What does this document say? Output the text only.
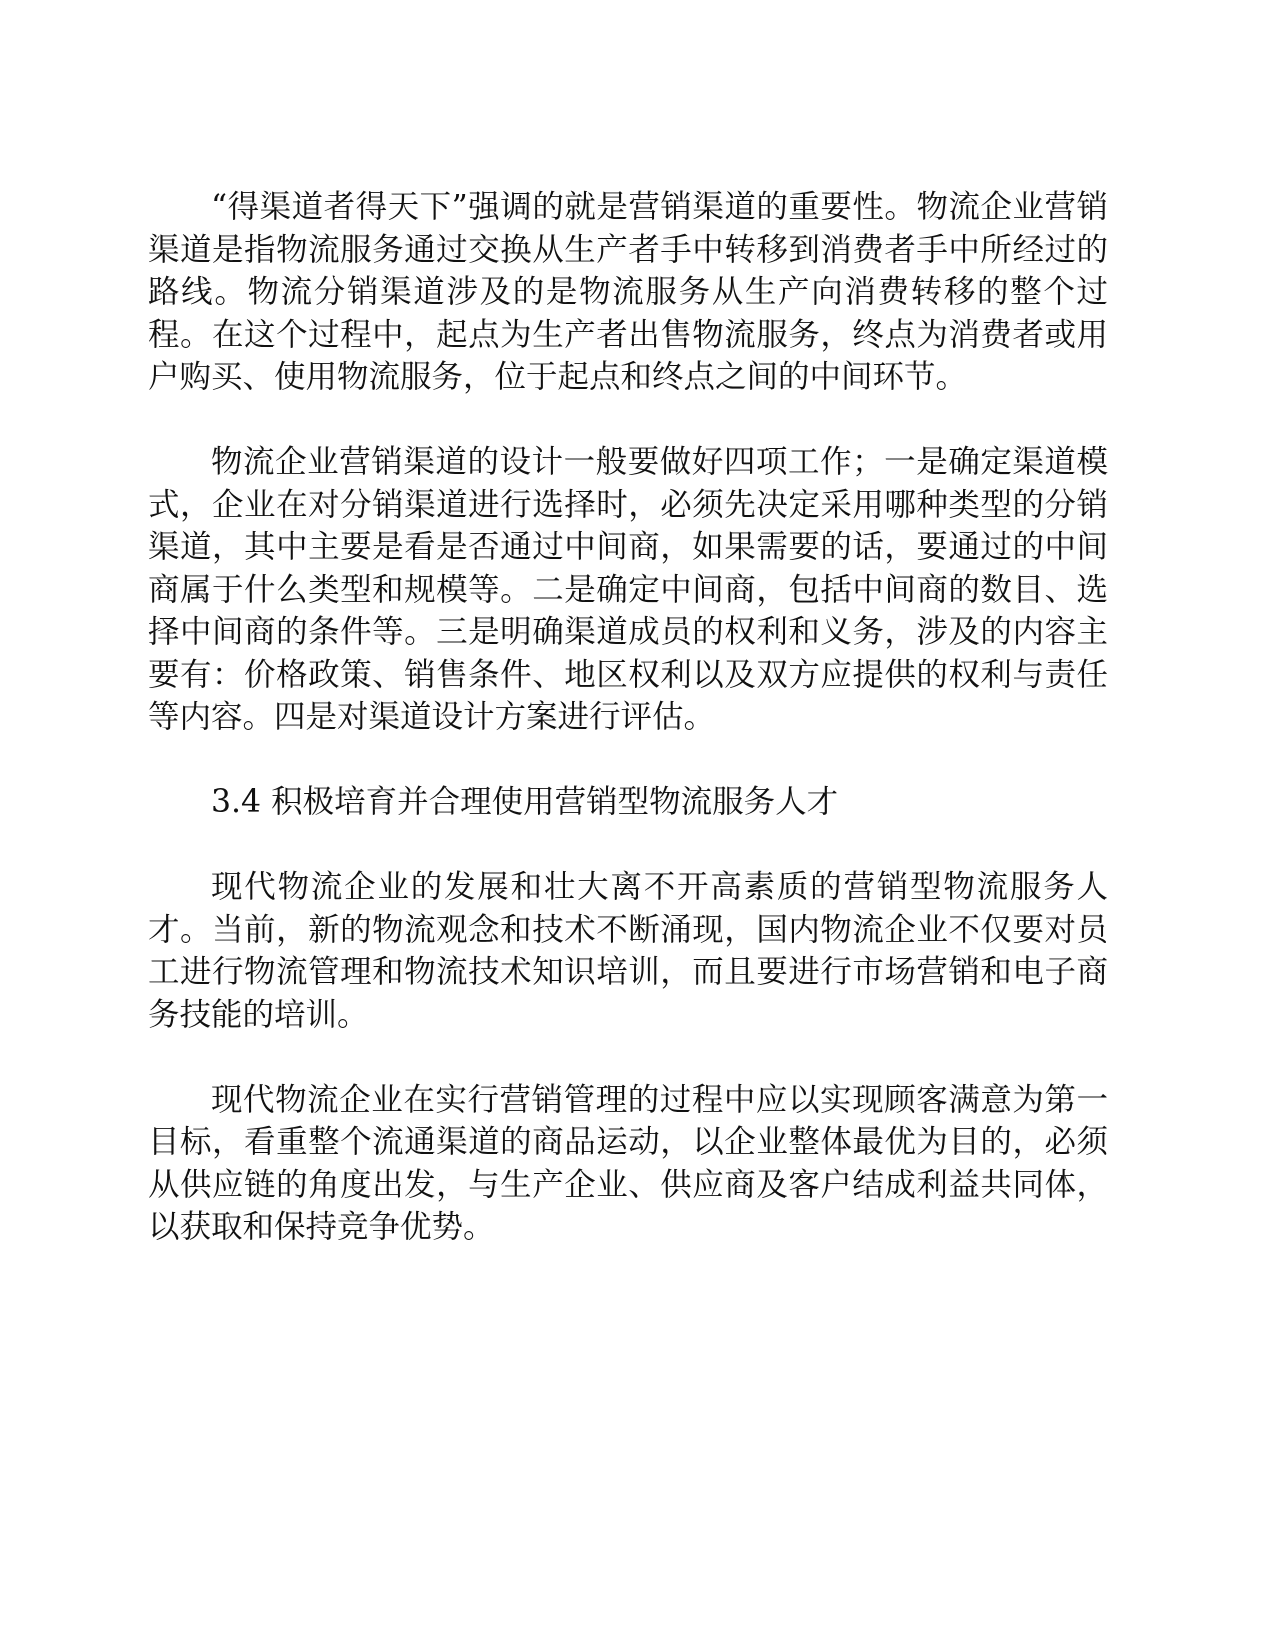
“得渠道者得天下”强调的就是营销渠道的重要性。物流企业营销渠道是指物流服务通过交换从生产者手中转移到消费者手中所经过的路线。物流分销渠道涉及的是物流服务从生产向消费转移的整个过程。在这个过程中，起点为生产者出售物流服务，终点为消费者或用户购买、使用物流服务，位于起点和终点之间的中间环节。

物流企业营销渠道的设计一般要做好四项工作；一是确定渠道模式，企业在对分销渠道进行选择时，必须先决定采用哪种类型的分销渠道，其中主要是看是否通过中间商，如果需要的话，要通过的中间商属于什么类型和规模等。二是确定中间商，包括中间商的数目、选择中间商的条件等。三是明确渠道成员的权利和义务，涉及的内容主要有：价格政策、销售条件、地区权利以及双方应提供的权利与责任等内容。四是对渠道设计方案进行评估。

3.4 积极培育并合理使用营销型物流服务人才

现代物流企业的发展和壮大离不开高素质的营销型物流服务人才。当前，新的物流观念和技术不断涌现，国内物流企业不仅要对员工进行物流管理和物流技术知识培训，而且要进行市场营销和电子商务技能的培训。

现代物流企业在实行营销管理的过程中应以实现顾客满意为第一目标，看重整个流通渠道的商品运动，以企业整体最优为目的，必须从供应链的角度出发，与生产企业、供应商及客户结成利益共同体，以获取和保持竞争优势。
